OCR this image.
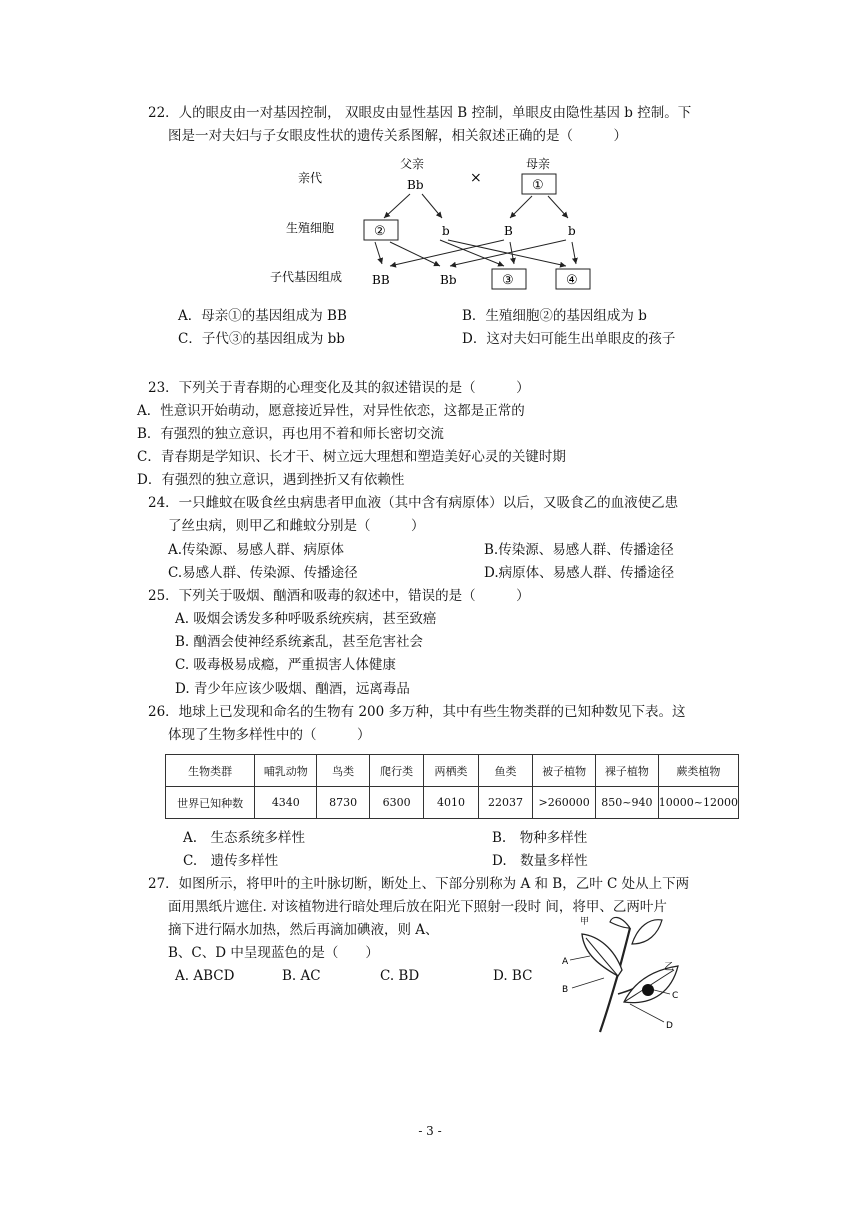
22．人的眼皮由一对基因控制， 双眼皮由显性基因 B 控制，单眼皮由隐性基因 b 控制。下
图是一对夫妇与子女眼皮性状的遗传关系图解，相关叙述正确的是（　　　）
亲代
生殖细胞
子代基因组成
父亲
Bb	×
母亲
①
②	b	B	b
BB	Bb	③	④
A．母亲①的基因组成为 BB	B．生殖细胞②的基因组成为 b
C．子代③的基因组成为 bb	D．这对夫妇可能生出单眼皮的孩子
23．下列关于青春期的心理变化及其的叙述错误的是（　　　）
A．性意识开始萌动，愿意接近异性，对异性依恋，这都是正常的
B．有强烈的独立意识，再也用不着和师长密切交流
C．青春期是学知识、长才干、树立远大理想和塑造美好心灵的关键时期
D．有强烈的独立意识，遇到挫折又有依赖性
24．一只雌蚊在吸食丝虫病患者甲血液（其中含有病原体）以后，又吸食乙的血液使乙患
了丝虫病，则甲乙和雌蚊分别是（　　　）
A.传染源、易感人群、病原体	B.传染源、易感人群、传播途径
C.易感人群、传染源、传播途径	D.病原体、易感人群、传播途径
25．下列关于吸烟、酗酒和吸毒的叙述中，错误的是（　　　）
A. 吸烟会诱发多种呼吸系统疾病，甚至致癌
B. 酗酒会使神经系统紊乱，甚至危害社会
C. 吸毒极易成瘾，严重损害人体健康
D. 青少年应该少吸烟、酗酒，远离毒品
26．地球上已发现和命名的生物有 200 多万种，其中有些生物类群的已知种数见下表。这
体现了生物多样性中的（　　　）
生物类群	哺乳动物	鸟类	爬行类	两栖类	鱼类	被子植物	裸子植物	蕨类植物
世界已知种数	4340	8730	6300	4010	22037	>260000	850~940	10000~12000
A.　生态系统多样性	B.　物种多样性
C.　遗传多样性	D.　数量多样性
27．如图所示，将甲叶的主叶脉切断，断处上、下部分别称为 A 和 B，乙叶 C 处从上下两
面用黑纸片遮住. 对该植物进行暗处理后放在阳光下照射一段时 间，将甲、乙两叶片
摘下进行隔水加热，然后再滴加碘液，则 A、
B、C、D 中呈现蓝色的是（　　）
A. ABCD	B. AC	C. BD	D. BC
甲
乙
A
B
C
D
- 3 -
